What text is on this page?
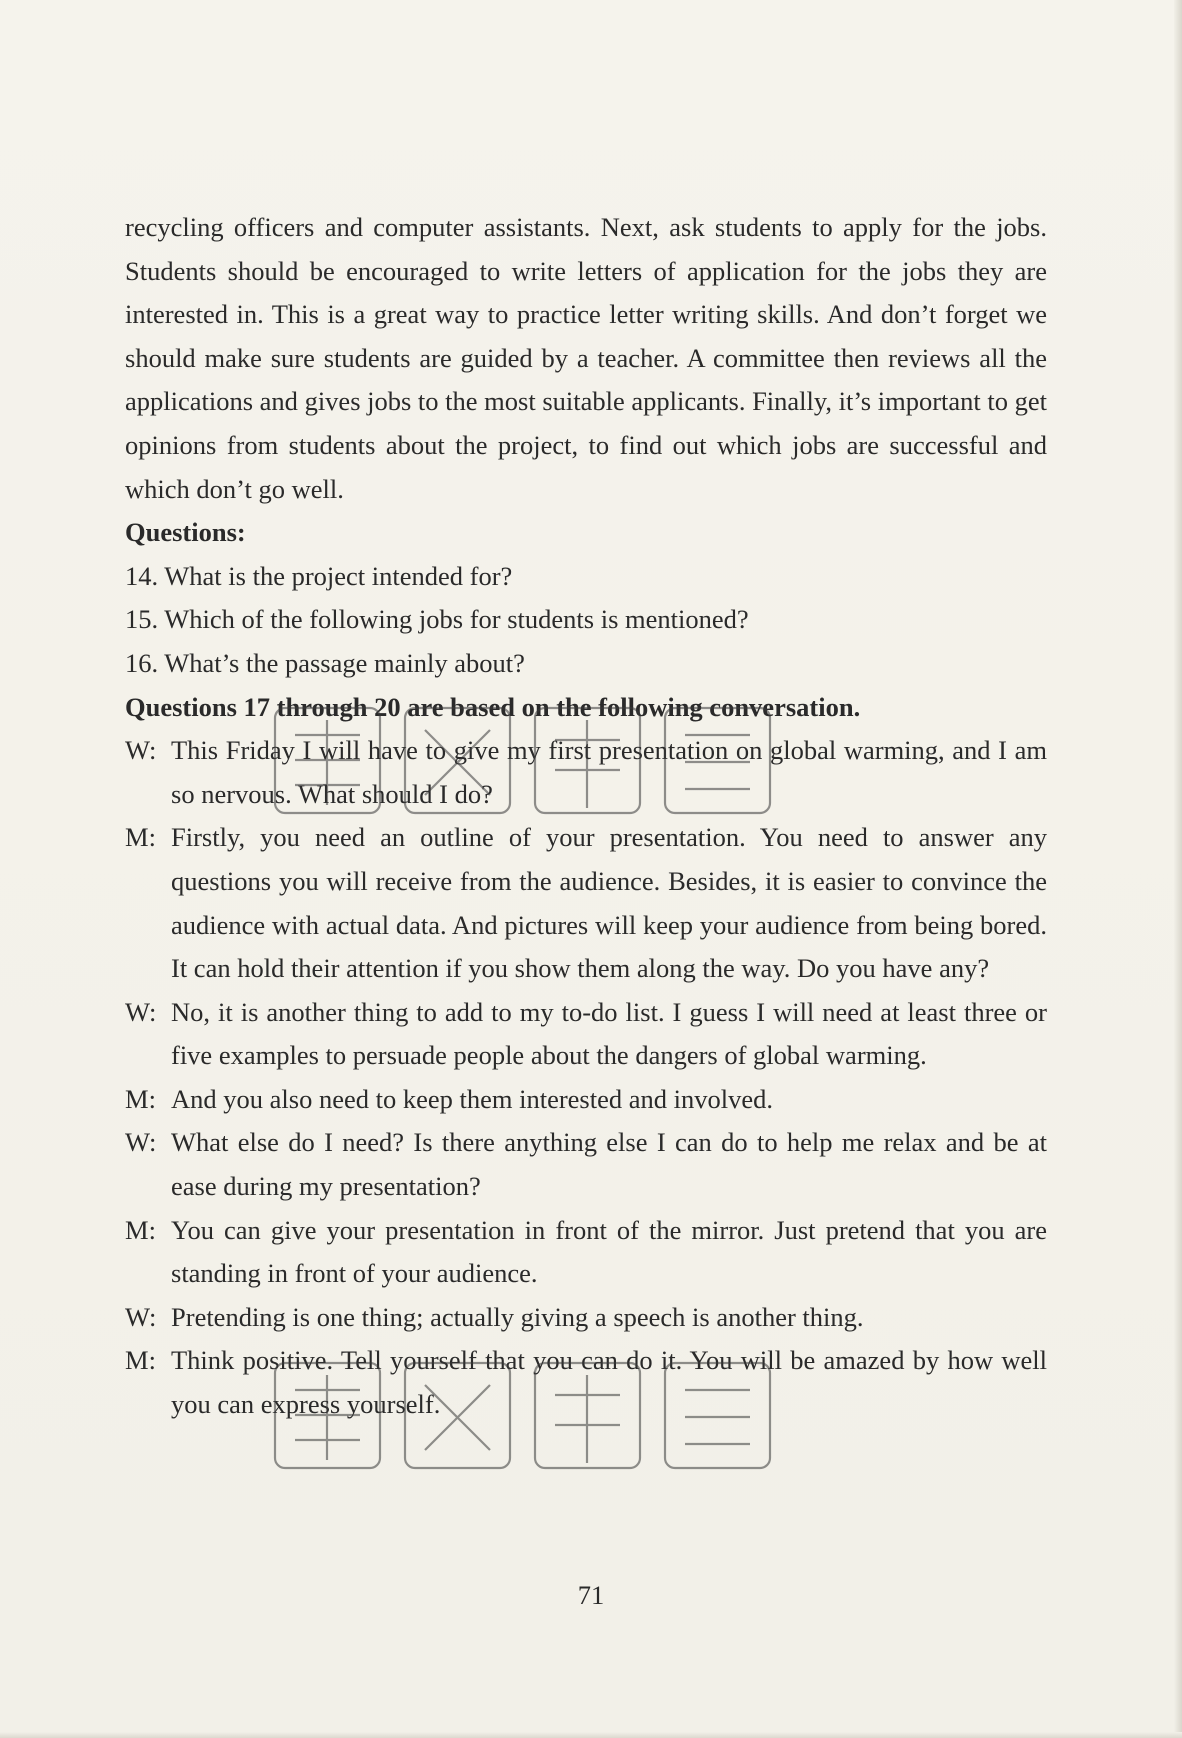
recycling officers and computer assistants. Next, ask students to apply for the jobs. Students should be encouraged to write letters of application for the jobs they are interested in. This is a great way to practice letter writing skills. And don’t forget we should make sure students are guided by a teacher. A committee then reviews all the applications and gives jobs to the most suitable applicants. Finally, it’s important to get opinions from students about the project, to find out which jobs are successful and which don’t go well.

Questions:

14. What is the project intended for?

15. Which of the following jobs for students is mentioned?

16. What’s the passage mainly about?

Questions 17 through 20 are based on the following conversation.

W: This Friday I will have to give my first presentation on global warming, and I am so nervous. What should I do?

M: Firstly, you need an outline of your presentation. You need to answer any questions you will receive from the audience. Besides, it is easier to convince the audience with actual data. And pictures will keep your audience from being bored. It can hold their attention if you show them along the way. Do you have any?

W: No, it is another thing to add to my to-do list. I guess I will need at least three or five examples to persuade people about the dangers of global warming.

M: And you also need to keep them interested and involved.

W: What else do I need? Is there anything else I can do to help me relax and be at ease during my presentation?

M: You can give your presentation in front of the mirror. Just pretend that you are standing in front of your audience.

W: Pretending is one thing; actually giving a speech is another thing.

M: Think positive. Tell yourself that you can do it. You will be amazed by how well you can express yourself.

71
